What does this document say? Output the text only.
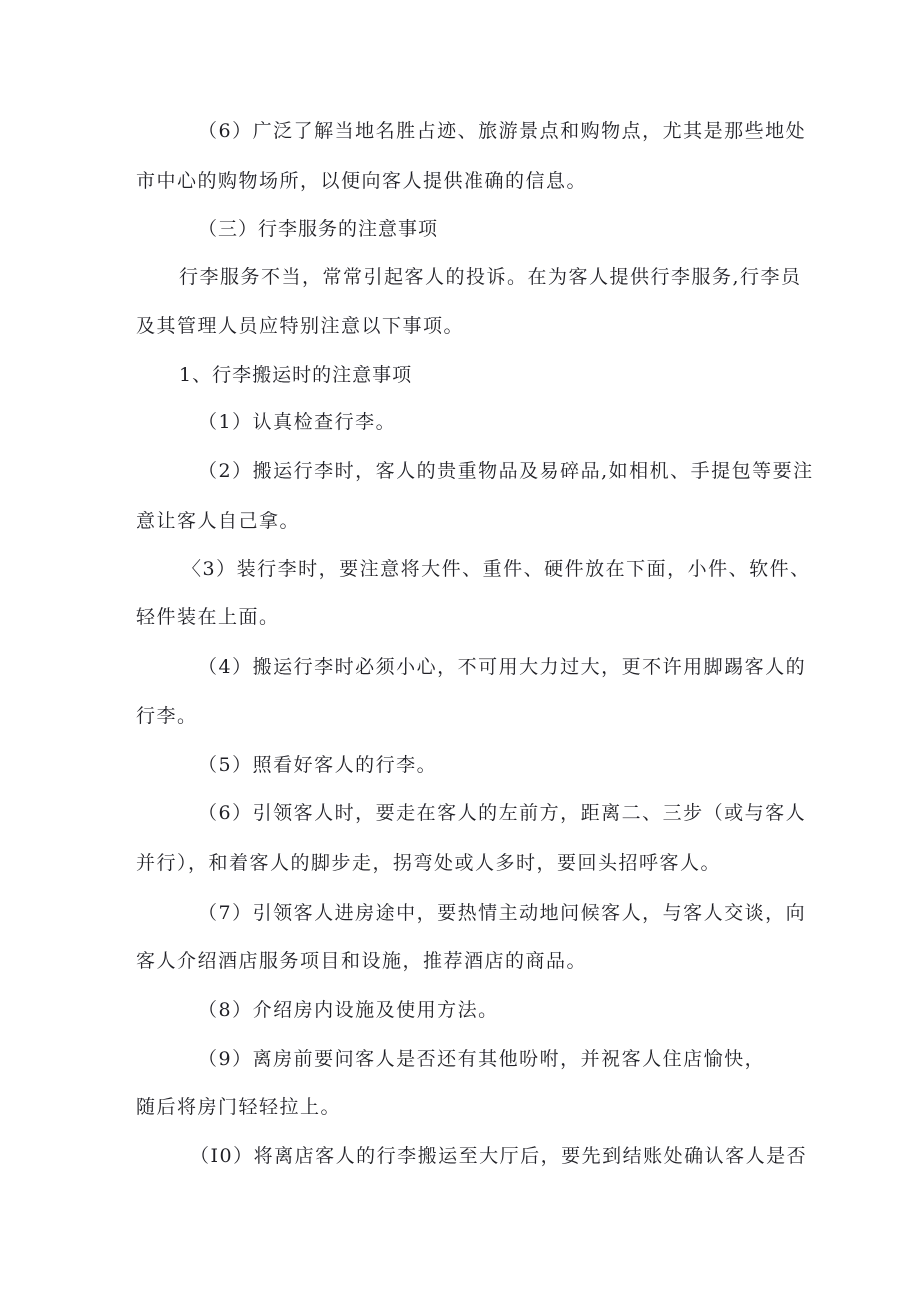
（6）广泛了解当地名胜占迹、旅游景点和购物点，尤其是那些地处
市中心的购物场所，以便向客人提供准确的信息。
（三）行李服务的注意事项
行李服务不当，常常引起客人的投诉。在为客人提供行李服务,行李员
及其管理人员应特别注意以下事项。
1、行李搬运时的注意事项
（1）认真检查行李。
（2）搬运行李时，客人的贵重物品及易碎品,如相机、手提包等要注
意让客人自己拿。
〈3）装行李时，要注意将大件、重件、硬件放在下面，小件、软件、
轻件装在上面。
（4）搬运行李时必须小心，不可用大力过大，更不许用脚踢客人的
行李。
（5）照看好客人的行李。
（6）引领客人时，要走在客人的左前方，距离二、三步（或与客人
并行），和着客人的脚步走，拐弯处或人多时，要回头招呼客人。
（7）引领客人进房途中，要热情主动地问候客人，与客人交谈，向
客人介绍酒店服务项目和设施，推荐酒店的商品。
（8）介绍房内设施及使用方法。
（9）离房前要问客人是否还有其他吩咐，并祝客人住店愉快，
随后将房门轻轻拉上。
（I0）将离店客人的行李搬运至大厅后，要先到结账处确认客人是否
